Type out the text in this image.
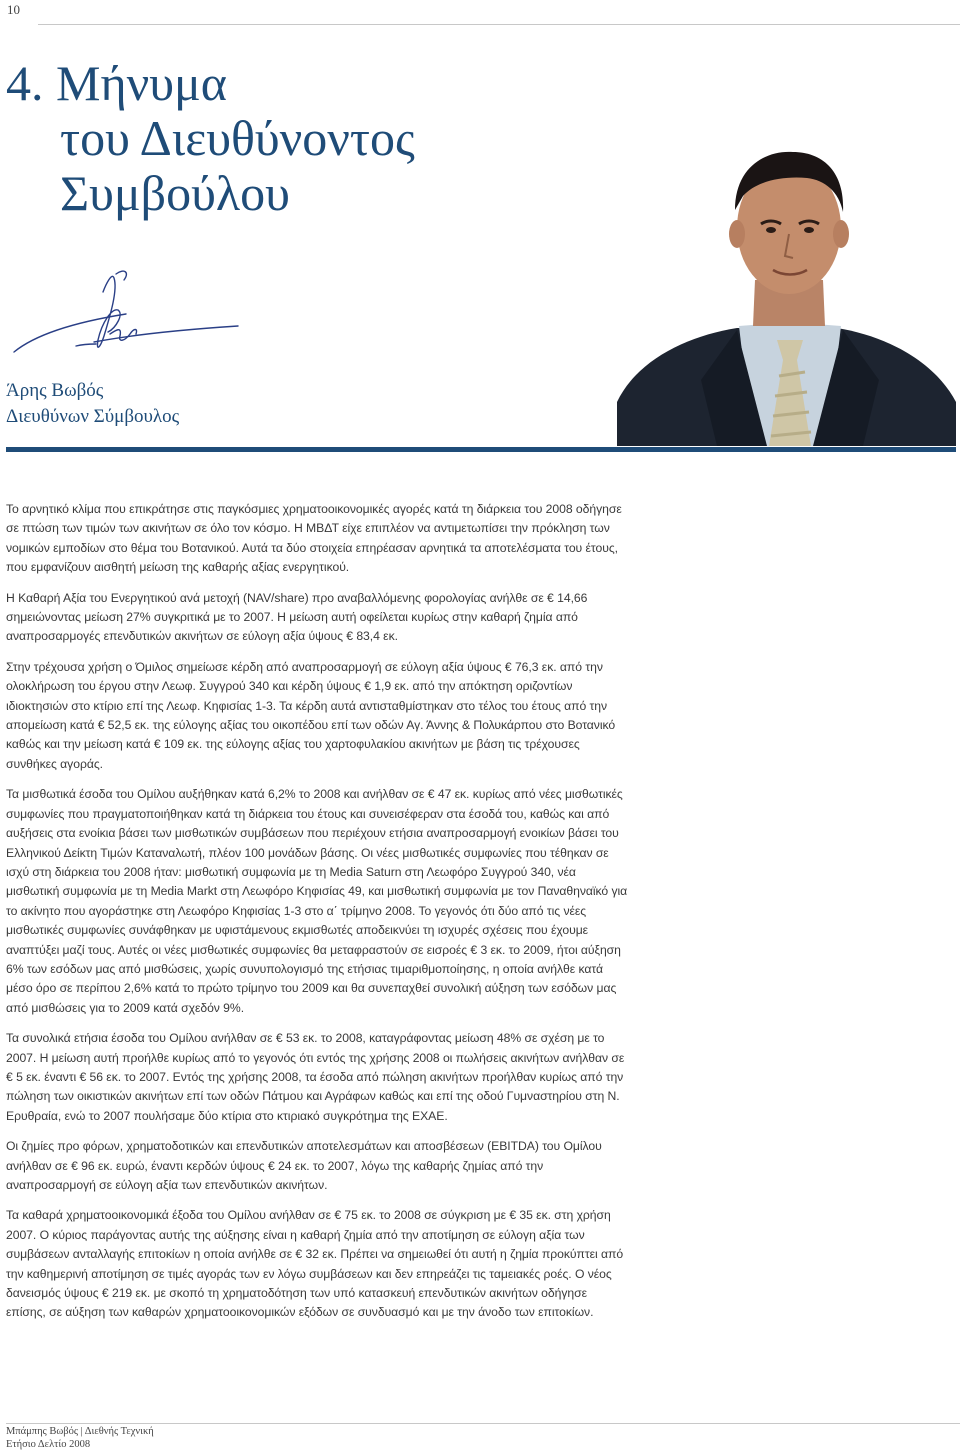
10
4. Μήνυμα
του Διευθύνοντος
Συμβούλου
Άρης Βωβός
Διευθύνων Σύμβουλος

Το αρνητικό κλίμα που επικράτησε στις παγκόσμιες χρηματοοικονομικές αγορές κατά τη διάρκεια του 2008 οδήγησε σε πτώση των τιμών των ακινήτων σε όλο τον κόσμο. Η ΜΒΔΤ είχε επιπλέον να αντιμετωπίσει την πρόκληση των νομικών εμποδίων στο θέμα του Βοτανικού. Αυτά τα δύο στοιχεία επηρέασαν αρνητικά τα αποτελέσματα του έτους, που εμφανίζουν αισθητή μείωση της καθαρής αξίας ενεργητικού.

Η Καθαρή Αξία του Ενεργητικού ανά μετοχή (NAV/share) προ αναβαλλόμενης φορολογίας ανήλθε σε € 14,66 σημειώνοντας μείωση 27% συγκριτικά με το 2007. Η μείωση αυτή οφείλεται κυρίως στην καθαρή ζημία από αναπροσαρμογές επενδυτικών ακινήτων σε εύλογη αξία ύψους € 83,4 εκ.

Στην τρέχουσα χρήση ο Όμιλος σημείωσε κέρδη από αναπροσαρμογή σε εύλογη αξία ύψους € 76,3 εκ. από την ολοκλήρωση του έργου στην Λεωφ. Συγγρού 340 και κέρδη ύψους € 1,9 εκ. από την απόκτηση οριζοντίων ιδιοκτησιών στο κτίριο επί της Λεωφ. Κηφισίας 1-3. Τα κέρδη αυτά αντισταθμίστηκαν στο τέλος του έτους από την απομείωση κατά € 52,5 εκ. της εύλογης αξίας του οικοπέδου επί των οδών Αγ. Άννης & Πολυκάρπου στο Βοτανικό καθώς και την μείωση κατά € 109 εκ. της εύλογης αξίας του χαρτοφυλακίου ακινήτων με βάση τις τρέχουσες συνθήκες αγοράς.

Τα μισθωτικά έσοδα του Ομίλου αυξήθηκαν κατά 6,2% το 2008 και ανήλθαν σε € 47 εκ. κυρίως από νέες μισθωτικές συμφωνίες που πραγματοποιήθηκαν κατά τη διάρκεια του έτους και συνεισέφεραν στα έσοδά του, καθώς και από αυξήσεις στα ενοίκια βάσει των μισθωτικών συμβάσεων που περιέχουν ετήσια αναπροσαρμογή ενοικίων βάσει του Ελληνικού Δείκτη Τιμών Καταναλωτή, πλέον 100 μονάδων βάσης. Οι νέες μισθωτικές συμφωνίες που τέθηκαν σε ισχύ στη διάρκεια του 2008 ήταν: μισθωτική συμφωνία με τη Media Saturn στη Λεωφόρο Συγγρού 340, νέα μισθωτική συμφωνία με τη Media Markt στη Λεωφόρο Κηφισίας 49, και μισθωτική συμφωνία με τον Παναθηναϊκό για το ακίνητο που αγοράστηκε στη Λεωφόρο Κηφισίας 1-3 στο α΄ τρίμηνο 2008. Το γεγονός ότι δύο από τις νέες μισθωτικές συμφωνίες συνάφθηκαν με υφιστάμενους εκμισθωτές αποδεικνύει τη ισχυρές σχέσεις που έχουμε αναπτύξει μαζί τους. Αυτές οι νέες μισθωτικές συμφωνίες θα μεταφραστούν σε εισροές € 3 εκ. το 2009, ήτοι αύξηση 6% των εσόδων μας από μισθώσεις, χωρίς συνυπολογισμό της ετήσιας τιμαριθμοποίησης, η οποία ανήλθε κατά μέσο όρο σε περίπου 2,6% κατά το πρώτο τρίμηνο του 2009 και θα συνεπαχθεί συνολική αύξηση των εσόδων μας από μισθώσεις για το 2009 κατά σχεδόν 9%.

Τα συνολικά ετήσια έσοδα του Ομίλου ανήλθαν σε € 53 εκ. το 2008, καταγράφοντας μείωση 48% σε σχέση με το 2007. Η μείωση αυτή προήλθε κυρίως από το γεγονός ότι εντός της χρήσης 2008 οι πωλήσεις ακινήτων ανήλθαν σε € 5 εκ. έναντι € 56 εκ. το 2007. Εντός της χρήσης 2008, τα έσοδα από πώληση ακινήτων προήλθαν κυρίως από την πώληση των οικιστικών ακινήτων επί των οδών Πάτμου και Αγράφων καθώς και επί της οδού Γυμναστηρίου στη Ν. Ερυθραία, ενώ το 2007 πουλήσαμε δύο κτίρια στο κτιριακό συγκρότημα της ΕΧΑΕ.

Οι ζημίες προ φόρων, χρηματοδοτικών και επενδυτικών αποτελεσμάτων και αποσβέσεων (EBITDA) του Ομίλου ανήλθαν σε € 96 εκ. ευρώ, έναντι κερδών ύψους € 24 εκ. το 2007, λόγω της καθαρής ζημίας από την αναπροσαρμογή σε εύλογη αξία των επενδυτικών ακινήτων.

Τα καθαρά χρηματοοικονομικά έξοδα του Ομίλου ανήλθαν σε € 75 εκ. το 2008 σε σύγκριση με € 35 εκ. στη χρήση 2007. Ο κύριος παράγοντας αυτής της αύξησης είναι η καθαρή ζημία από την αποτίμηση σε εύλογη αξία των συμβάσεων ανταλλαγής επιτοκίων η οποία ανήλθε σε € 32 εκ. Πρέπει να σημειωθεί ότι αυτή η ζημία προκύπτει από την καθημερινή αποτίμηση σε τιμές αγοράς των εν λόγω συμβάσεων και δεν επηρεάζει τις ταμειακές ροές. Ο νέος δανεισμός ύψους € 219 εκ. με σκοπό τη χρηματοδότηση των υπό κατασκευή επενδυτικών ακινήτων οδήγησε επίσης, σε αύξηση των καθαρών χρηματοοικονομικών εξόδων σε συνδυασμό και με την άνοδο των επιτοκίων.

Μπάμπης Βωβός | Διεθνής Τεχνική
Ετήσιο Δελτίο 2008
